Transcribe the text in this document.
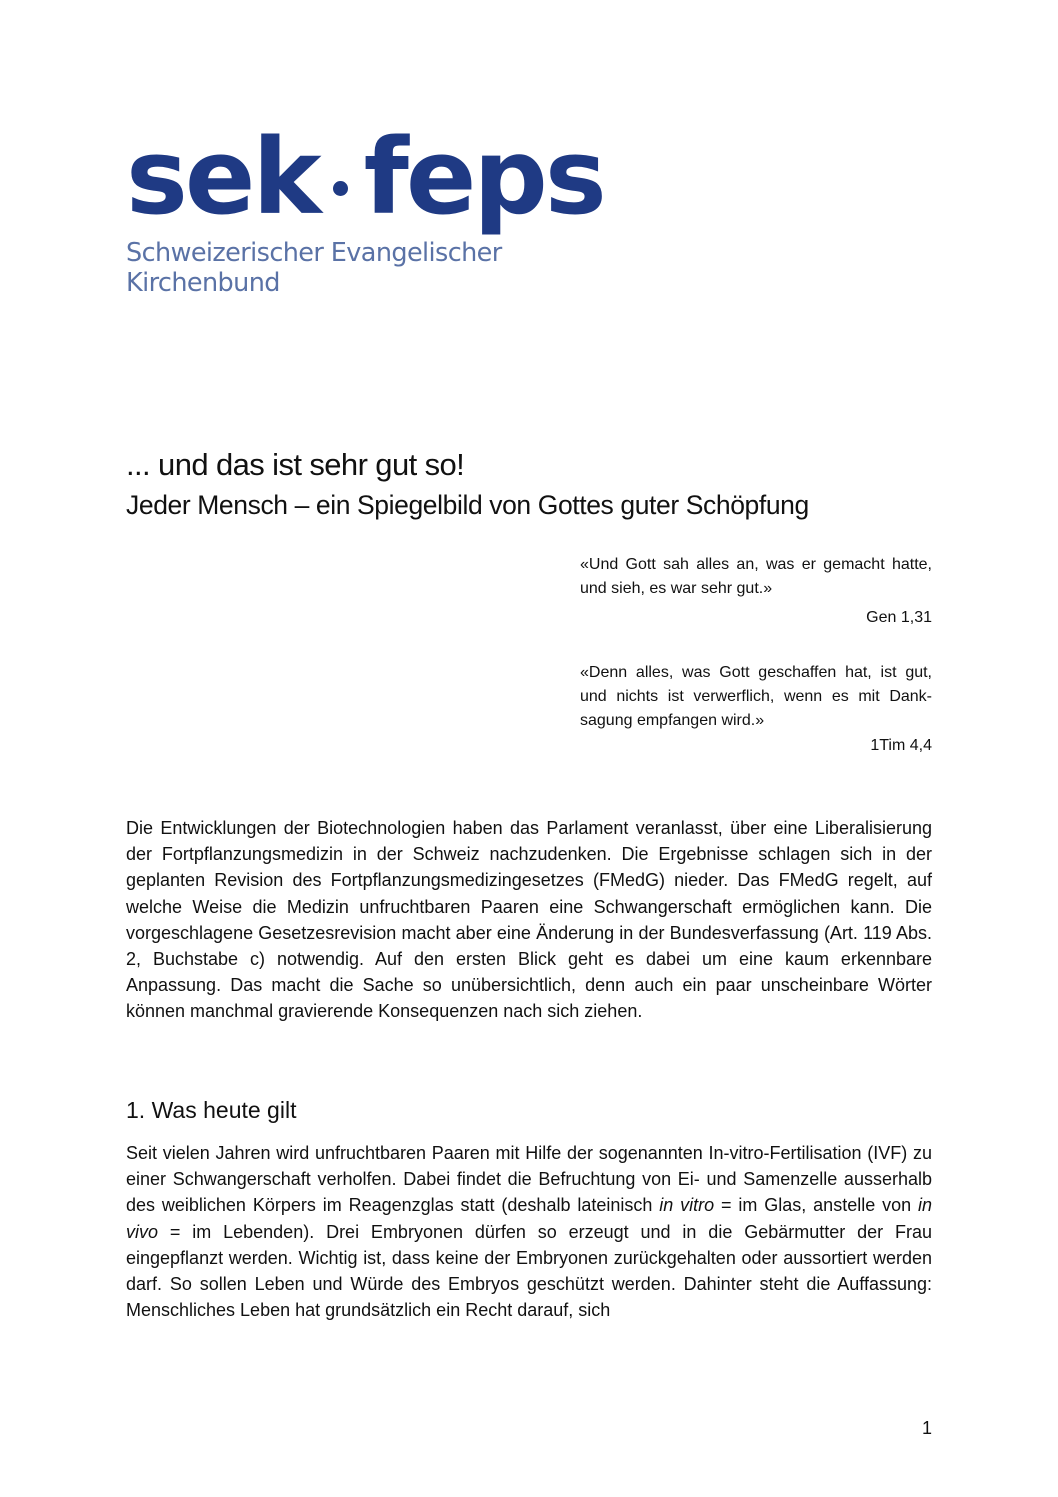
sek feps
Schweizerischer Evangelischer Kirchenbund
... und das ist sehr gut so!
Jeder Mensch – ein Spiegelbild von Gottes guter Schöpfung
«Und Gott sah alles an, was er gemacht hatte, und sieh, es war sehr gut.»
Gen 1,31
«Denn alles, was Gott geschaffen hat, ist gut, und nichts ist verwerflich, wenn es mit Danksagung empfangen wird.»
1Tim 4,4
Die Entwicklungen der Biotechnologien haben das Parlament veranlasst, über eine Liberalisierung der Fortpflanzungsmedizin in der Schweiz nachzudenken. Die Ergebnisse schlagen sich in der geplanten Revision des Fortpflanzungsmedizingesetzes (FMedG) nieder. Das FMedG regelt, auf welche Weise die Medizin unfruchtbaren Paaren eine Schwangerschaft ermöglichen kann. Die vorgeschlagene Gesetzesrevision macht aber eine Änderung in der Bundesverfassung (Art. 119 Abs. 2, Buchstabe c) notwendig. Auf den ersten Blick geht es dabei um eine kaum erkennbare Anpassung. Das macht die Sache so unübersichtlich, denn auch ein paar unscheinbare Wörter können manchmal gravierende Konsequenzen nach sich ziehen.
1. Was heute gilt
Seit vielen Jahren wird unfruchtbaren Paaren mit Hilfe der sogenannten In-vitro-Fertilisation (IVF) zu einer Schwangerschaft verholfen. Dabei findet die Befruchtung von Ei- und Samenzelle ausserhalb des weiblichen Körpers im Reagenzglas statt (deshalb lateinisch in vitro = im Glas, anstelle von in vivo = im Lebenden). Drei Embryonen dürfen so erzeugt und in die Gebärmutter der Frau eingepflanzt werden. Wichtig ist, dass keine der Embryonen zurückgehalten oder aussortiert werden darf. So sollen Leben und Würde des Embryos geschützt werden. Dahinter steht die Auffassung: Menschliches Leben hat grundsätzlich ein Recht darauf, sich
1
